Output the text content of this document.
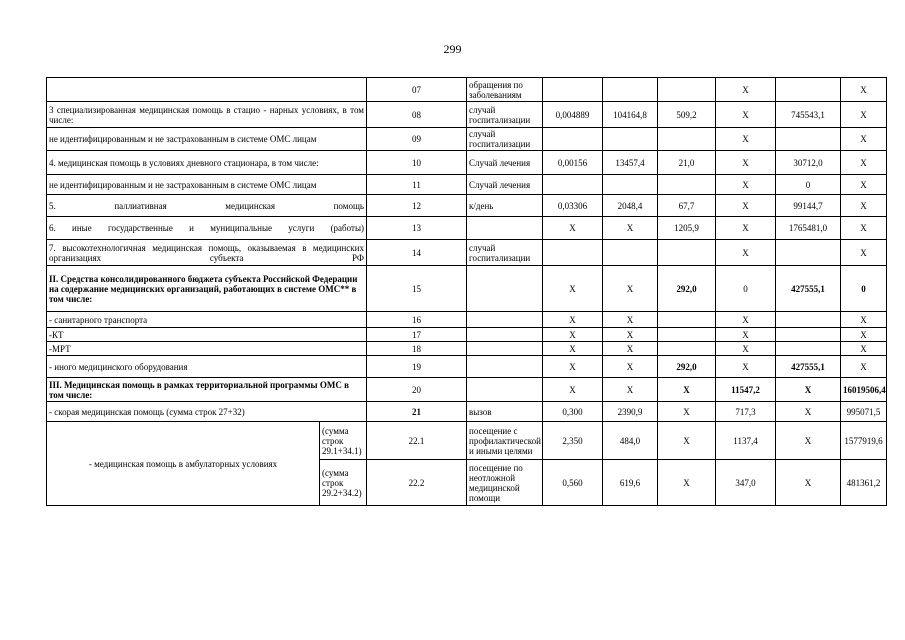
299
		07	обращения по заболеваниям				Х		Х	
3 специализированная медицинская помощь в стацио - нарных условиях, в том числе:		08	случай госпитализации	0,004889	104164,8	509,2	Х	745543,1	Х	
не идентифицированным и не застрахованным в системе ОМС лицам		09	случай госпитализации				Х		Х	
4. медицинская помощь в условиях дневного стационара, в том числе:		10	Случай лечения	0,00156	13457,4	21,0	Х	30712,0	Х	
не идентифицированным и не застрахованным в системе ОМС лицам		11	Случай лечения				Х	0	Х	
5. паллиативная медицинская помощь		12	к/день	0,03306	2048,4	67,7	Х	99144,7	Х	
6. иные государственные и муниципальные услуги (работы)		13		Х	Х	1205,9	Х	1765481,0	Х	
7. высокотехнологичная медицинская помощь, оказываемая в медицинских организациях субъекта РФ		14	случай госпитализации				Х		Х	
II. Средства консолидированного бюджета субъекта Российской Федерации на содержание медицинских организаций, работающих в системе ОМС** в том числе:		15		Х	Х	292,0	0	427555,1	0	
- санитарного транспорта		16		Х	Х		Х		Х	
-КТ		17		Х	Х		Х		Х	
-МРТ		18		Х	Х		Х		Х	
- иного медицинского оборудования		19		Х	Х	292,0	Х	427555,1	Х	
III. Медицинская помощь в рамках территориальной программы ОМС в том числе:		20		Х	Х	Х	11547,2	Х	16019506,4	
- скорая медицинская помощь (сумма строк 27+32)		21	вызов	0,300	2390,9	Х	717,3	Х	995071,5	
- медицинская помощь в амбулаторных условиях	(сумма строк 29.1+34.1)	22.1	посещение с профилактической и иными целями	2,350	484,0	Х	1137,4	Х	1577919,6	
	(сумма строк 29.2+34.2)	22.2	посещение по неотложной медицинской помощи	0,560	619,6	Х	347,0	Х	481361,2	
